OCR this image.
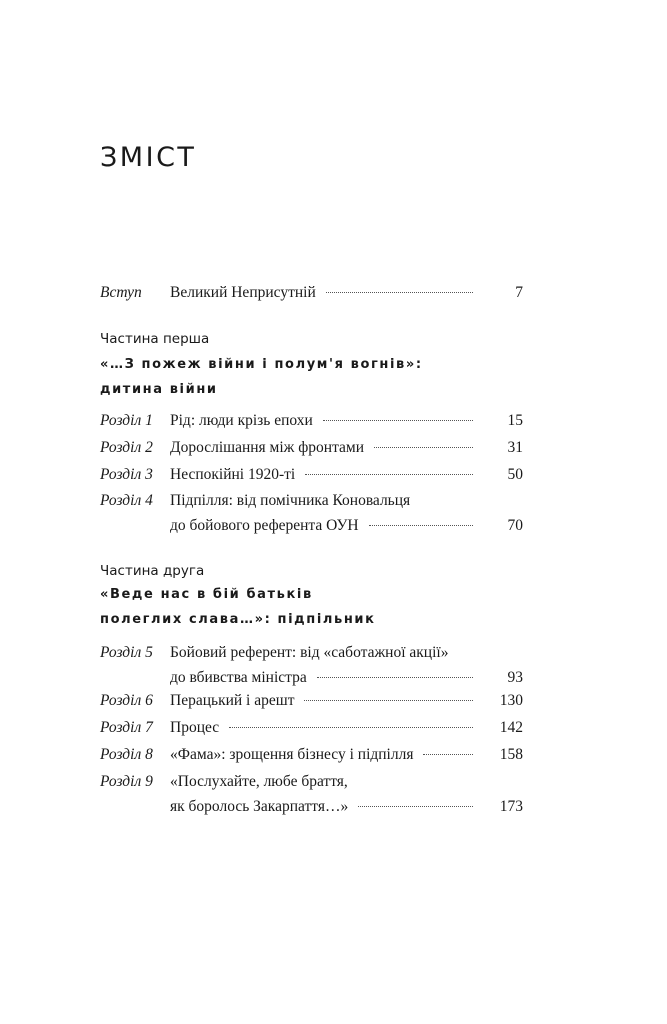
ЗМІСТ
Вступ Великий Неприсутній	7
Частина перша
«…З пожеж війни і полум'я вогнів»:
дитина війни
Розділ 1 Рід: люди крізь епохи	15
Розділ 2 Дорослішання між фронтами	31
Розділ 3 Неспокійні 1920-ті	50
Розділ 4 Підпілля: від помічника Коновальця
до бойового референта ОУН	70
Частина друга
«Веде нас в бій батьків
полеглих слава…»: підпільник
Розділ 5 Бойовий референт: від «саботажної акції»
до вбивства міністра	93
Розділ 6 Перацький і арешт	130
Розділ 7 Процес	142
Розділ 8 «Фама»: зрощення бізнесу і підпілля	158
Розділ 9 «Послухайте, любе браття,
як боролось Закарпаття…»	173
